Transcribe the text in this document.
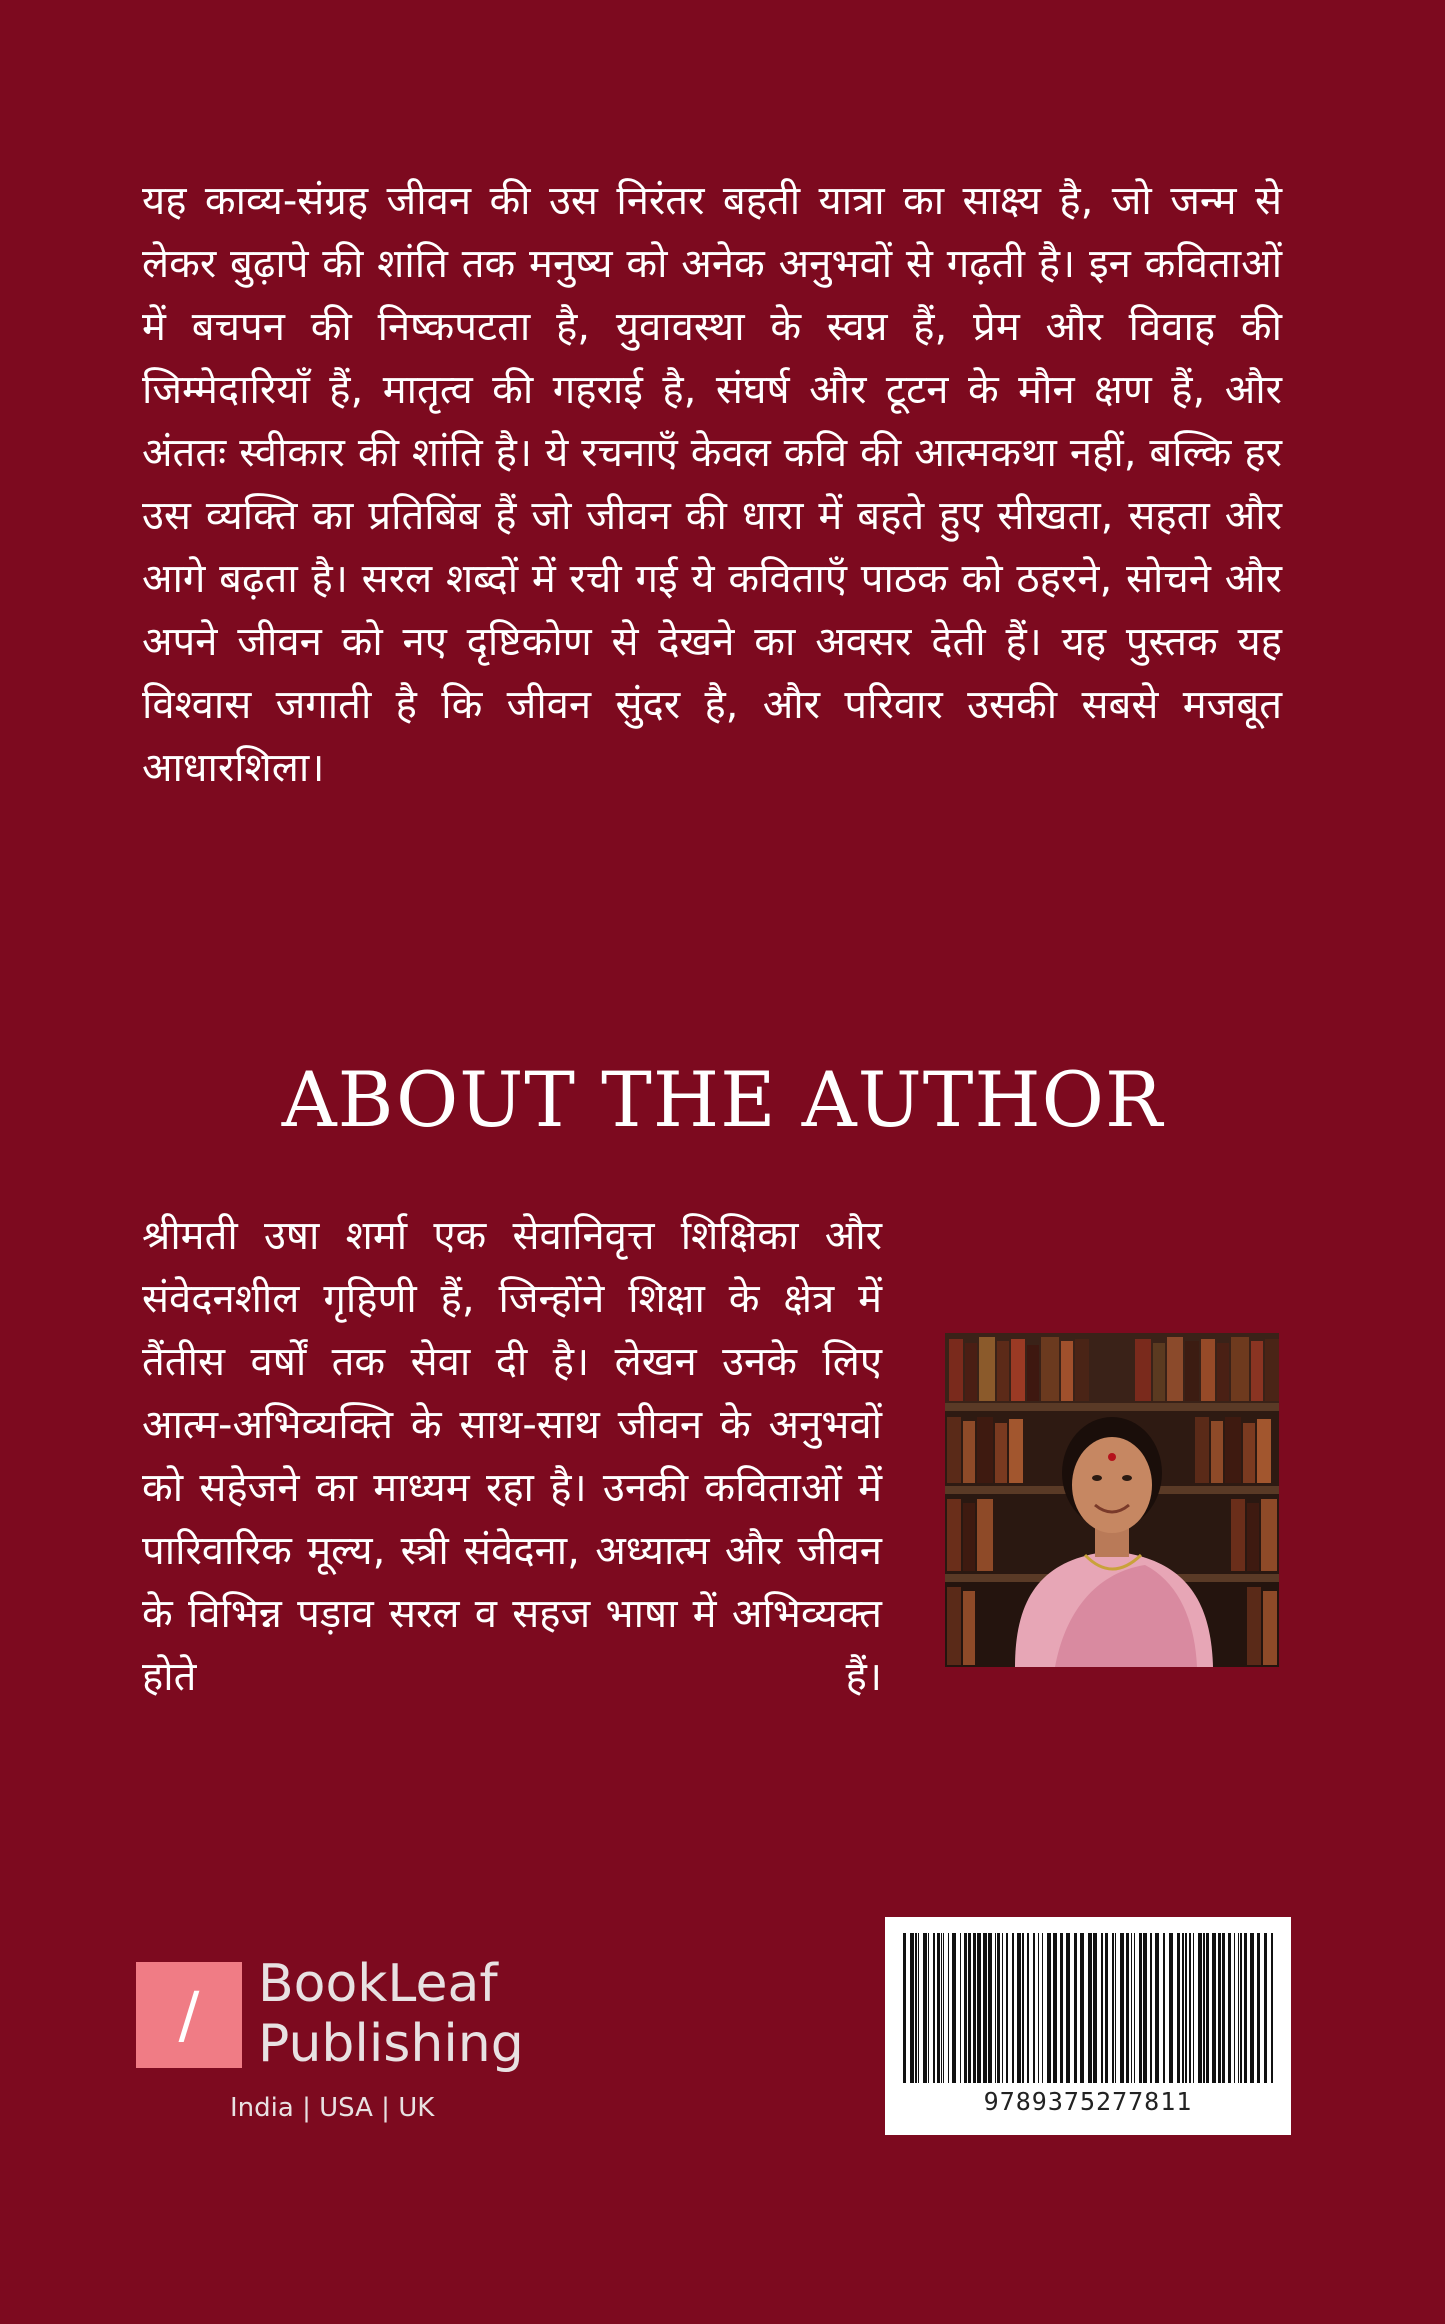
यह काव्य-संग्रह जीवन की उस निरंतर बहती यात्रा का साक्ष्य है, जो जन्म से लेकर बुढ़ापे की शांति तक मनुष्य को अनेक अनुभवों से गढ़ती है। इन कविताओं में बचपन की निष्कपटता है, युवावस्था के स्वप्न हैं, प्रेम और विवाह की जिम्मेदारियाँ हैं, मातृत्व की गहराई है, संघर्ष और टूटन के मौन क्षण हैं, और अंततः स्वीकार की शांति है। ये रचनाएँ केवल कवि की आत्मकथा नहीं, बल्कि हर उस व्यक्ति का प्रतिबिंब हैं जो जीवन की धारा में बहते हुए सीखता, सहता और आगे बढ़ता है। सरल शब्दों में रची गई ये कविताएँ पाठक को ठहरने, सोचने और अपने जीवन को नए दृष्टिकोण से देखने का अवसर देती हैं। यह पुस्तक यह विश्वास जगाती है कि जीवन सुंदर है, और परिवार उसकी सबसे मजबूत आधारशिला।

ABOUT THE AUTHOR

श्रीमती उषा शर्मा एक सेवानिवृत्त शिक्षिका और संवेदनशील गृहिणी हैं, जिन्होंने शिक्षा के क्षेत्र में तैंतीस वर्षों तक सेवा दी है। लेखन उनके लिए आत्म-अभिव्यक्ति के साथ-साथ जीवन के अनुभवों को सहेजने का माध्यम रहा है। उनकी कविताओं में पारिवारिक मूल्य, स्त्री संवेदना, अध्यात्म और जीवन के विभिन्न पड़ाव सरल व सहज भाषा में अभिव्यक्त होते हैं।

/	BookLeaf
Publishing
India | USA | UK	9789375277811
